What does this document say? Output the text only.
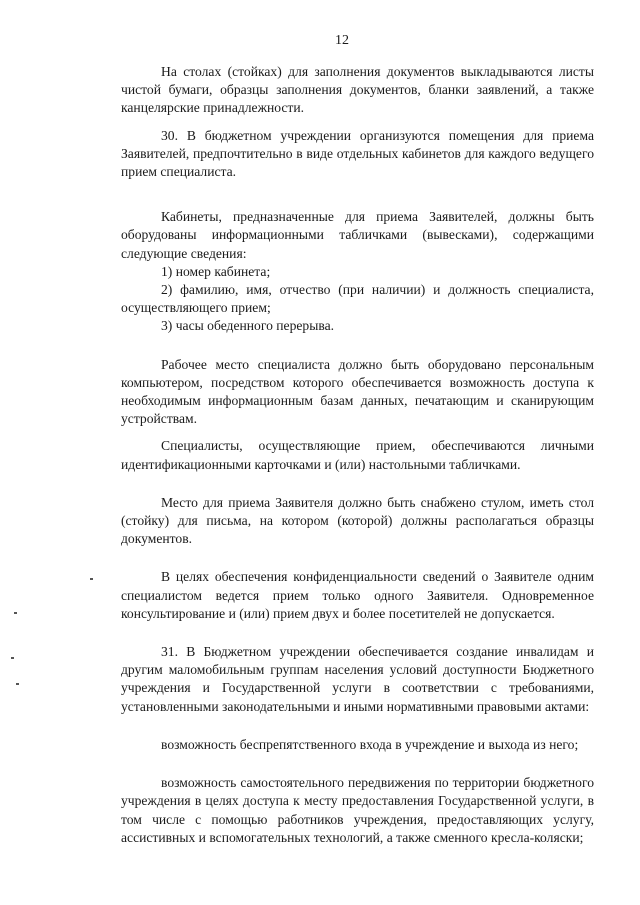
12

На столах (стойках) для заполнения документов выкладываются листы чистой бумаги, образцы заполнения документов, бланки заявлений, а также канцелярские принадлежности.

30. В бюджетном учреждении организуются помещения для приема Заявителей, предпочтительно в виде отдельных кабинетов для каждого ведущего прием специалиста.

Кабинеты, предназначенные для приема Заявителей, должны быть оборудованы информационными табличками (вывесками), содержащими следующие сведения:

1) номер кабинета;

2) фамилию, имя, отчество (при наличии) и должность специалиста, осуществляющего прием;

3) часы обеденного перерыва.

Рабочее место специалиста должно быть оборудовано персональным компьютером, посредством которого обеспечивается возможность доступа к необходимым информационным базам данных, печатающим и сканирующим устройствам.

Специалисты, осуществляющие прием, обеспечиваются личными идентификационными карточками и (или) настольными табличками.

Место для приема Заявителя должно быть снабжено стулом, иметь стол (стойку) для письма, на котором (которой) должны располагаться образцы документов.

В целях обеспечения конфиденциальности сведений о Заявителе одним специалистом ведется прием только одного Заявителя. Одновременное консультирование и (или) прием двух и более посетителей не допускается.

31. В Бюджетном учреждении обеспечивается создание инвалидам и другим маломобильным группам населения условий доступности Бюджетного учреждения и Государственной услуги в соответствии с требованиями, установленными законодательными и иными нормативными правовыми актами:

возможность беспрепятственного входа в учреждение и выхода из него;

возможность самостоятельного передвижения по территории бюджетного учреждения в целях доступа к месту предоставления Государственной услуги, в том числе с помощью работников учреждения, предоставляющих услугу, ассистивных и вспомогательных технологий, а также сменного кресла-коляски;
